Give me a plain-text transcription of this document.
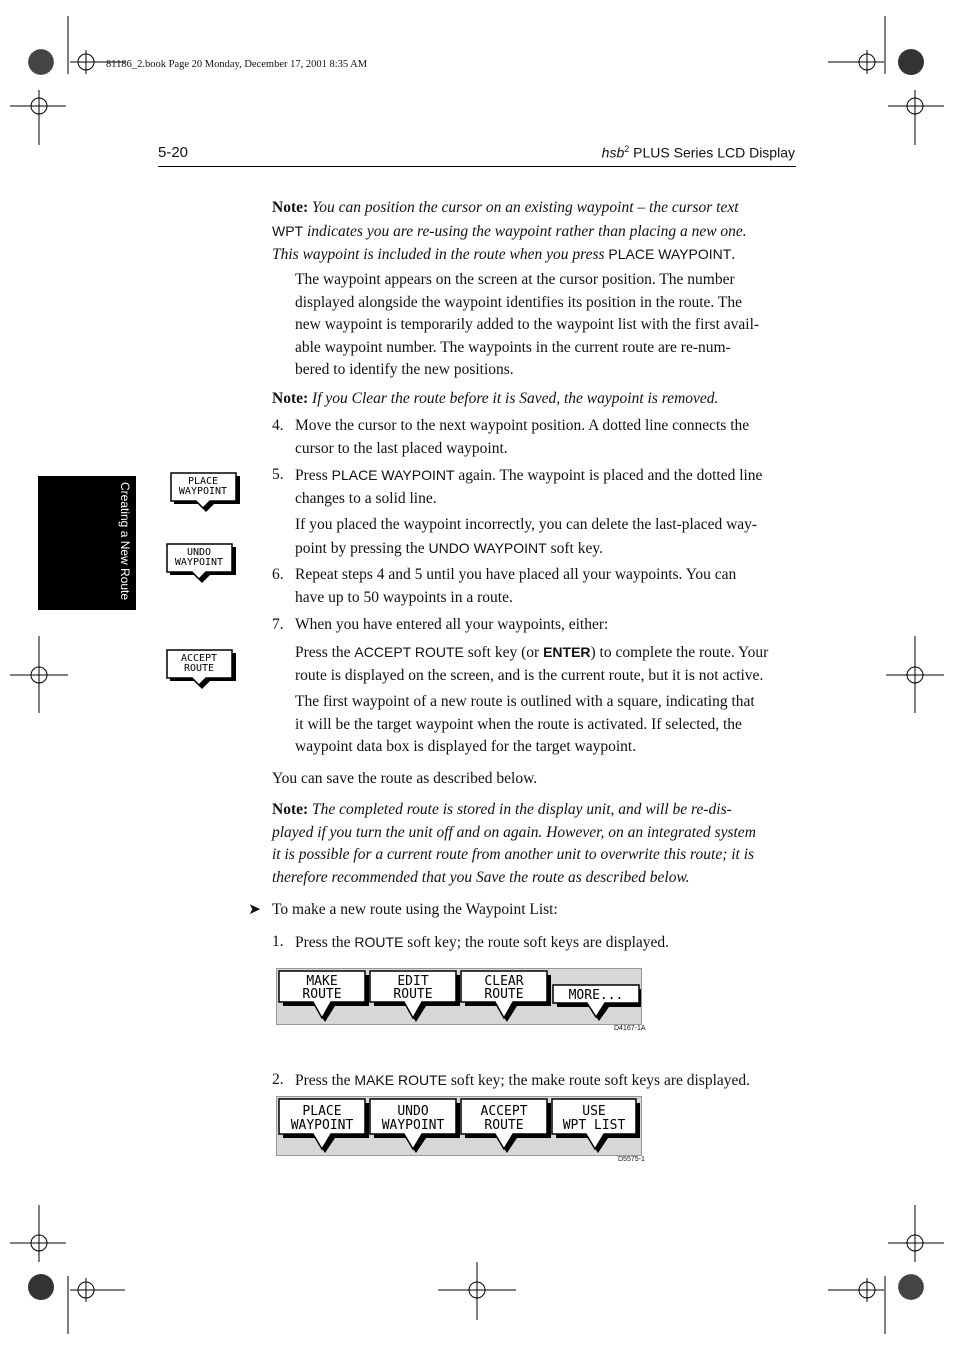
81186_2.book Page 20 Monday, December 17, 2001 8:35 AM
5-20	hsb$^2$ PLUS Series LCD Display
Creating a New Route
Note: You can position the cursor on an existing waypoint – the cursor text
WPT indicates you are re-using the waypoint rather than placing a new one.
This waypoint is included in the route when you press PLACE WAYPOINT.
The waypoint appears on the screen at the cursor position. The number
displayed alongside the waypoint identifies its position in the route. The
new waypoint is temporarily added to the waypoint list with the first avail-
able waypoint number. The waypoints in the current route are re-num-
bered to identify the new positions.
Note: If you Clear the route before it is Saved, the waypoint is removed.
4. Move the cursor to the next waypoint position. A dotted line connects the
cursor to the last placed waypoint.
5. Press PLACE WAYPOINT again. The waypoint is placed and the dotted line
changes to a solid line.
If you placed the waypoint incorrectly, you can delete the last-placed way-
point by pressing the UNDO WAYPOINT soft key.
6. Repeat steps 4 and 5 until you have placed all your waypoints. You can
have up to 50 waypoints in a route.
7. When you have entered all your waypoints, either:
Press the ACCEPT ROUTE soft key (or ENTER) to complete the route. Your
route is displayed on the screen, and is the current route, but it is not active.
The first waypoint of a new route is outlined with a square, indicating that
it will be the target waypoint when the route is activated. If selected, the
waypoint data box is displayed for the target waypoint.
You can save the route as described below.
Note: The completed route is stored in the display unit, and will be re-dis-
played if you turn the unit off and on again. However, on an integrated system
it is possible for a current route from another unit to overwrite this route; it is
therefore recommended that you Save the route as described below.
➤ To make a new route using the Waypoint List:
1. Press the ROUTE soft key; the route soft keys are displayed.
2. Press the MAKE ROUTE soft key; the make route soft keys are displayed.
PLACE
WAYPOINT
UNDO
WAYPOINT
ACCEPT
ROUTE
MAKE
ROUTE
EDIT
ROUTE
CLEAR
ROUTE	MORE...
D4167-1A
PLACE
WAYPOINT
UNDO
WAYPOINT
ACCEPT
ROUTE
USE
WPT LIST
D5575-1
